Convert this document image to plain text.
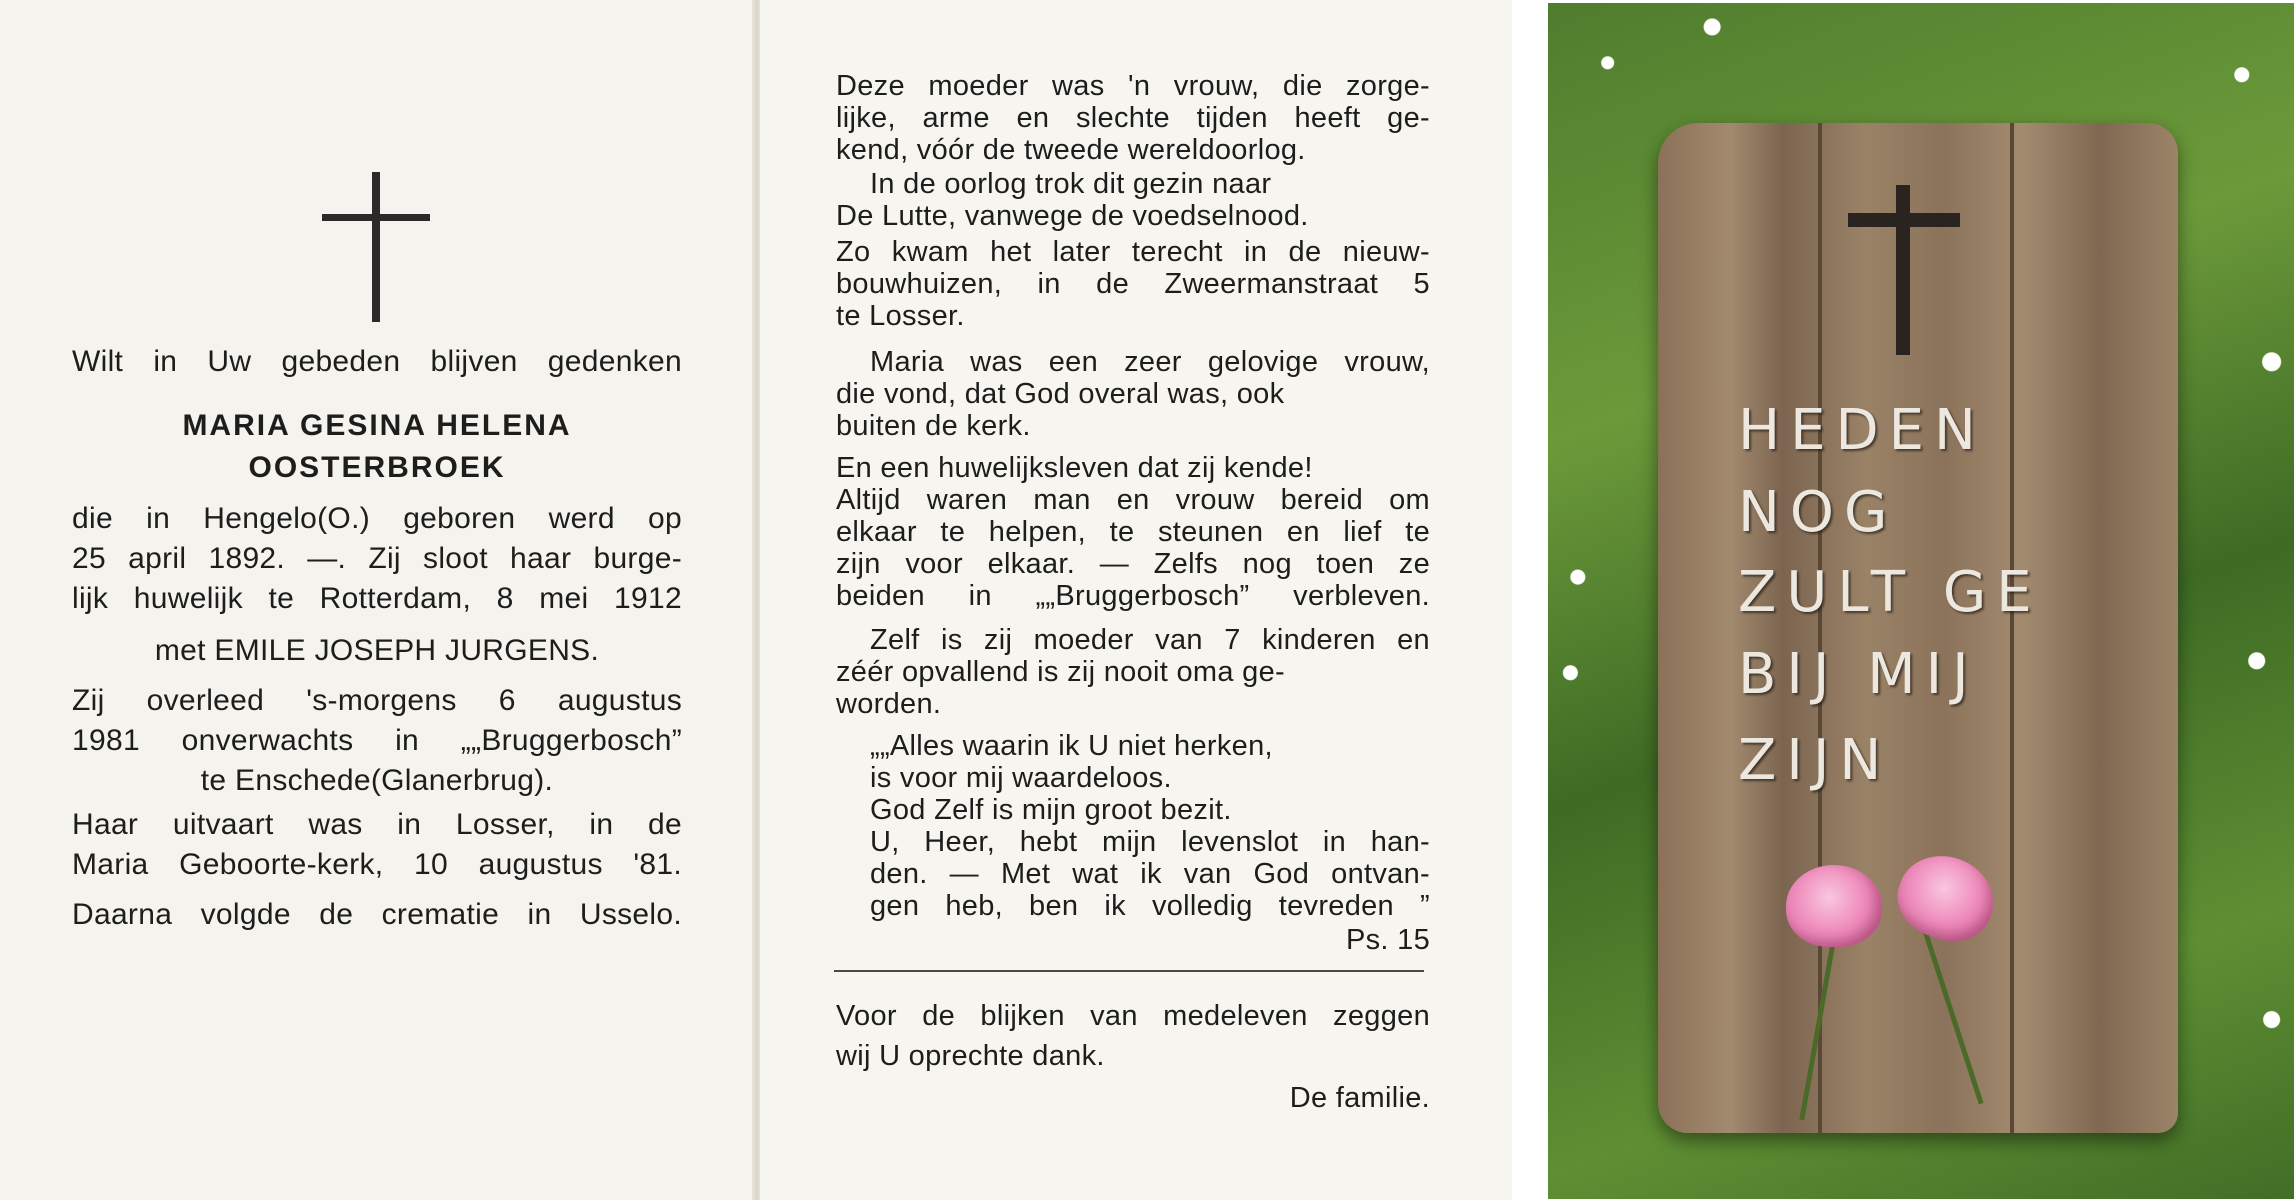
Wilt in Uw gebeden blijven gedenken
MARIA GESINA HELENA
OOSTERBROEK
die in Hengelo(O.) geboren werd op
25 april 1892. —. Zij sloot haar burge-
lijk huwelijk te Rotterdam, 8 mei 1912
met EMILE JOSEPH JURGENS.
Zij overleed 's-morgens 6 augustus
1981 onverwachts in „„Bruggerbosch”
te Enschede(Glanerbrug).
Haar uitvaart was in Losser, in de
Maria Geboorte-kerk, 10 augustus '81.
Daarna volgde de crematie in Usselo.
Deze moeder was 'n vrouw, die zorge-
lijke, arme en slechte tijden heeft ge-
kend, vóór de tweede wereldoorlog.
In de oorlog trok dit gezin naar
De Lutte, vanwege de voedselnood.
Zo kwam het later terecht in de nieuw-
bouwhuizen, in de Zweermanstraat 5
te Losser.
Maria was een zeer gelovige vrouw,
die vond, dat God overal was, ook
buiten de kerk.
En een huwelijksleven dat zij kende!
Altijd waren man en vrouw bereid om
elkaar te helpen, te steunen en lief te
zijn voor elkaar. — Zelfs nog toen ze
beiden in „„Bruggerbosch” verbleven.
Zelf is zij moeder van 7 kinderen en
zéér opvallend is zij nooit oma ge-
worden.
„„Alles waarin ik U niet herken,
is voor mij waardeloos.
God Zelf is mijn groot bezit.
U, Heer, hebt mijn levenslot in han-
den. — Met wat ik van God ontvan-
gen heb, ben ik volledig tevreden ”
Ps. 15
Voor de blijken van medeleven zeggen
wij U oprechte dank.
De familie.
HEDEN
NOG
ZULT GE
BIJ MIJ
ZIJN
